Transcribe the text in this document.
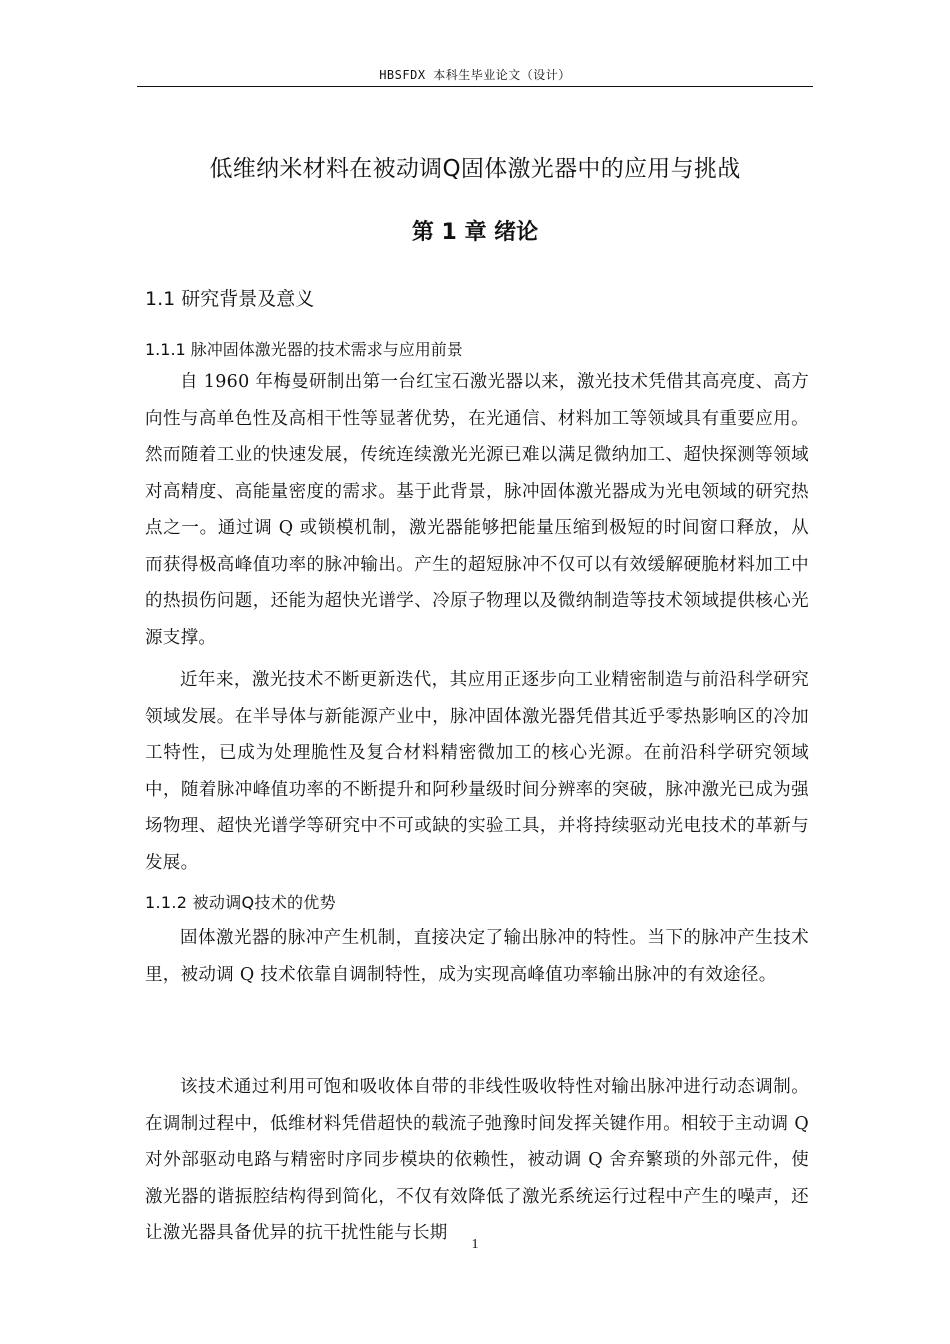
HBSFDX 本科生毕业论文（设计）
低维纳米材料在被动调Q固体激光器中的应用与挑战
第 1 章 绪论
1.1 研究背景及意义
1.1.1 脉冲固体激光器的技术需求与应用前景

自 1960 年梅曼研制出第一台红宝石激光器以来，激光技术凭借其高亮度、高方向性与高单色性及高相干性等显著优势，在光通信、材料加工等领域具有重要应用。然而随着工业的快速发展，传统连续激光光源已难以满足微纳加工、超快探测等领域对高精度、高能量密度的需求。基于此背景，脉冲固体激光器成为光电领域的研究热点之一。通过调 Q 或锁模机制，激光器能够把能量压缩到极短的时间窗口释放，从而获得极高峰值功率的脉冲输出。产生的超短脉冲不仅可以有效缓解硬脆材料加工中的热损伤问题，还能为超快光谱学、冷原子物理以及微纳制造等技术领域提供核心光源支撑。

近年来，激光技术不断更新迭代，其应用正逐步向工业精密制造与前沿科学研究领域发展。在半导体与新能源产业中，脉冲固体激光器凭借其近乎零热影响区的冷加工特性，已成为处理脆性及复合材料精密微加工的核心光源。在前沿科学研究领域中，随着脉冲峰值功率的不断提升和阿秒量级时间分辨率的突破，脉冲激光已成为强场物理、超快光谱学等研究中不可或缺的实验工具，并将持续驱动光电技术的革新与发展。

1.1.2 被动调Q技术的优势

固体激光器的脉冲产生机制，直接决定了输出脉冲的特性。当下的脉冲产生技术里，被动调 Q 技术依靠自调制特性，成为实现高峰值功率输出脉冲的有效途径。

该技术通过利用可饱和吸收体自带的非线性吸收特性对输出脉冲进行动态调制。在调制过程中，低维材料凭借超快的载流子弛豫时间发挥关键作用。相较于主动调 Q 对外部驱动电路与精密时序同步模块的依赖性，被动调 Q 舍弃繁琐的外部元件，使激光器的谐振腔结构得到简化，不仅有效降低了激光系统运行过程中产生的噪声，还让激光器具备优异的抗干扰性能与长期

1
